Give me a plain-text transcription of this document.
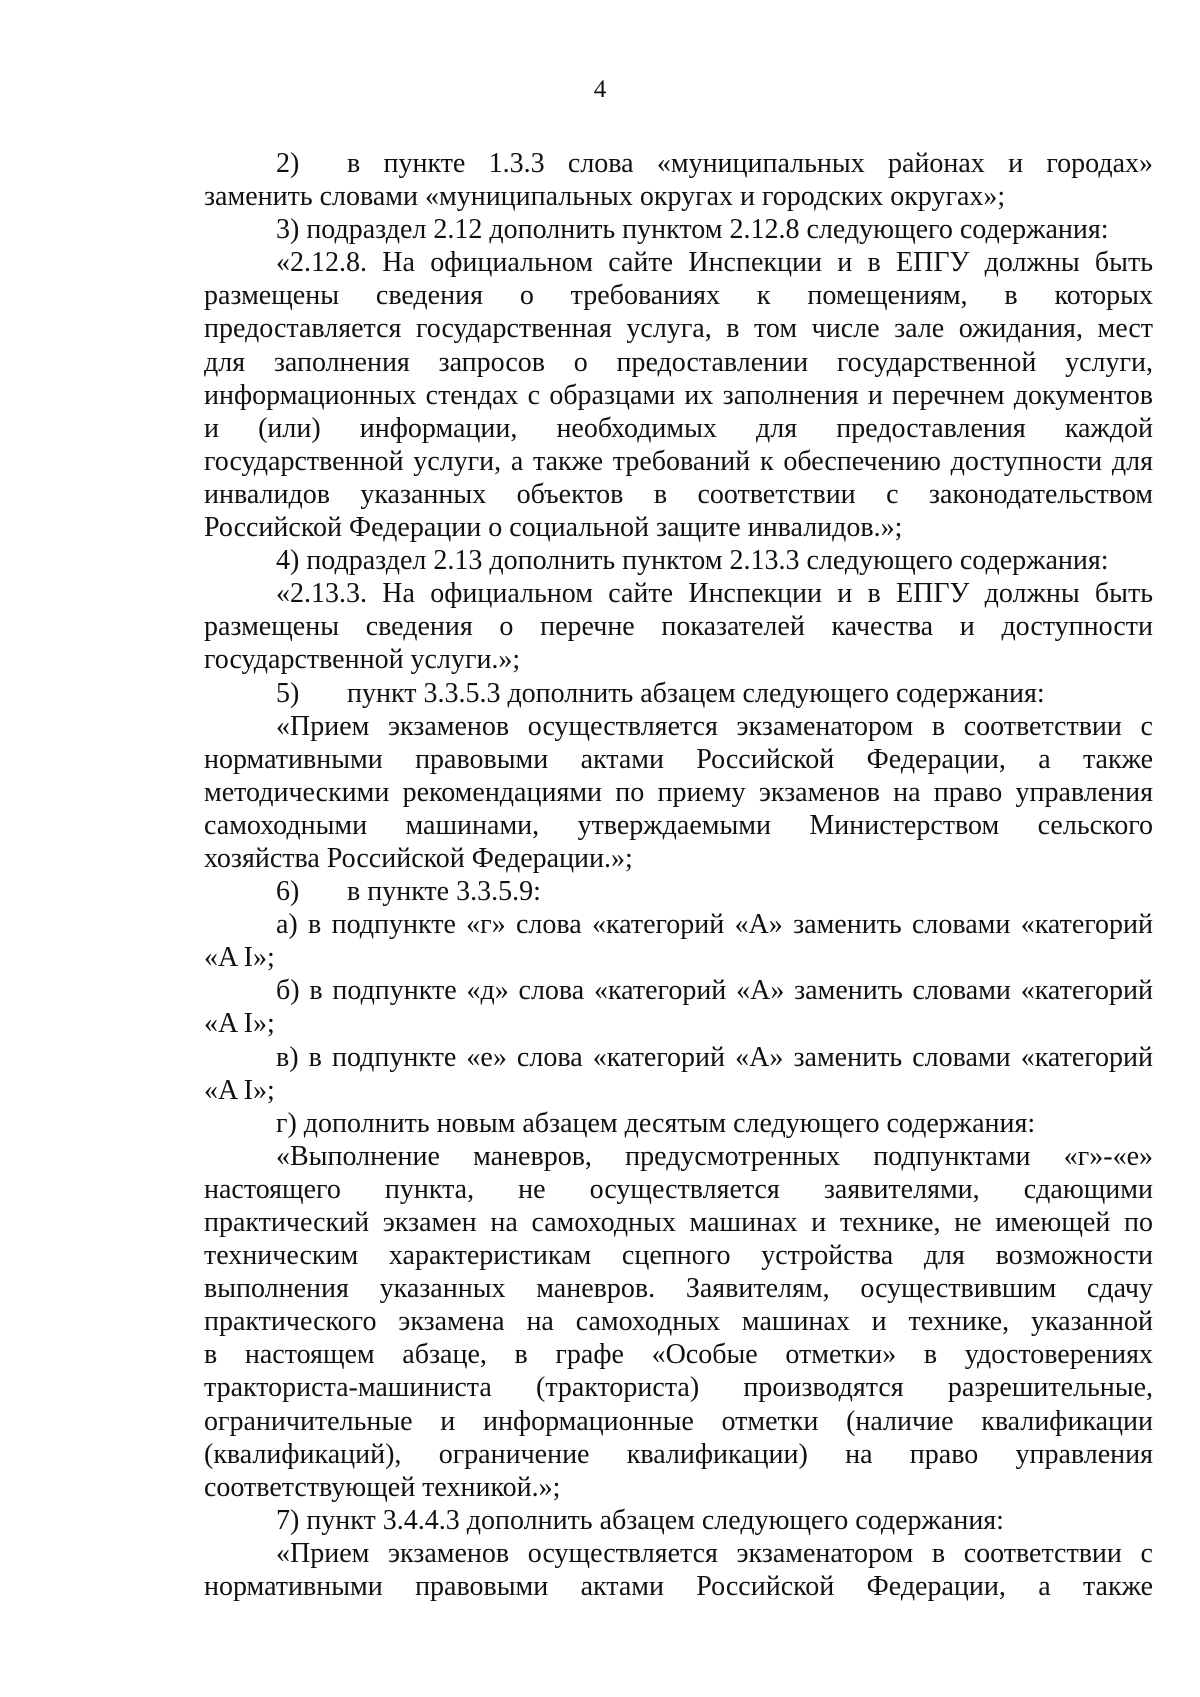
4
2) в пункте 1.3.3 слова «муниципальных районах и городах»
заменить словами «муниципальных округах и городских округах»;
3) подраздел 2.12 дополнить пунктом 2.12.8 следующего содержания:
«2.12.8. На официальном сайте Инспекции и в ЕПГУ должны быть
размещены сведения о требованиях к помещениям, в которых
предоставляется государственная услуга, в том числе зале ожидания, мест
для заполнения запросов о предоставлении государственной услуги,
информационных стендах с образцами их заполнения и перечнем документов
и (или) информации, необходимых для предоставления каждой
государственной услуги, а также требований к обеспечению доступности для
инвалидов указанных объектов в соответствии с законодательством
Российской Федерации о социальной защите инвалидов.»;
4) подраздел 2.13 дополнить пунктом 2.13.3 следующего содержания:
«2.13.3. На официальном сайте Инспекции и в ЕПГУ должны быть
размещены сведения о перечне показателей качества и доступности
государственной услуги.»;
5) пункт 3.3.5.3 дополнить абзацем следующего содержания:
«Прием экзаменов осуществляется экзаменатором в соответствии с
нормативными правовыми актами Российской Федерации, а также
методическими рекомендациями по приему экзаменов на право управления
самоходными машинами, утверждаемыми Министерством сельского
хозяйства Российской Федерации.»;
6) в пункте 3.3.5.9:
а) в подпункте «г» слова «категорий «А» заменить словами «категорий
«A I»;
б) в подпункте «д» слова «категорий «А» заменить словами «категорий
«A I»;
в) в подпункте «е» слова «категорий «А» заменить словами «категорий
«A I»;
г) дополнить новым абзацем десятым следующего содержания:
«Выполнение маневров, предусмотренных подпунктами «г»-«е»
настоящего пункта, не осуществляется заявителями, сдающими
практический экзамен на самоходных машинах и технике, не имеющей по
техническим характеристикам сцепного устройства для возможности
выполнения указанных маневров. Заявителям, осуществившим сдачу
практического экзамена на самоходных машинах и технике, указанной
в настоящем абзаце, в графе «Особые отметки» в удостоверениях
тракториста-машиниста (тракториста) производятся разрешительные,
ограничительные и информационные отметки (наличие квалификации
(квалификаций), ограничение квалификации) на право управления
соответствующей техникой.»;
7) пункт 3.4.4.3 дополнить абзацем следующего содержания:
«Прием экзаменов осуществляется экзаменатором в соответствии с
нормативными правовыми актами Российской Федерации, а также
